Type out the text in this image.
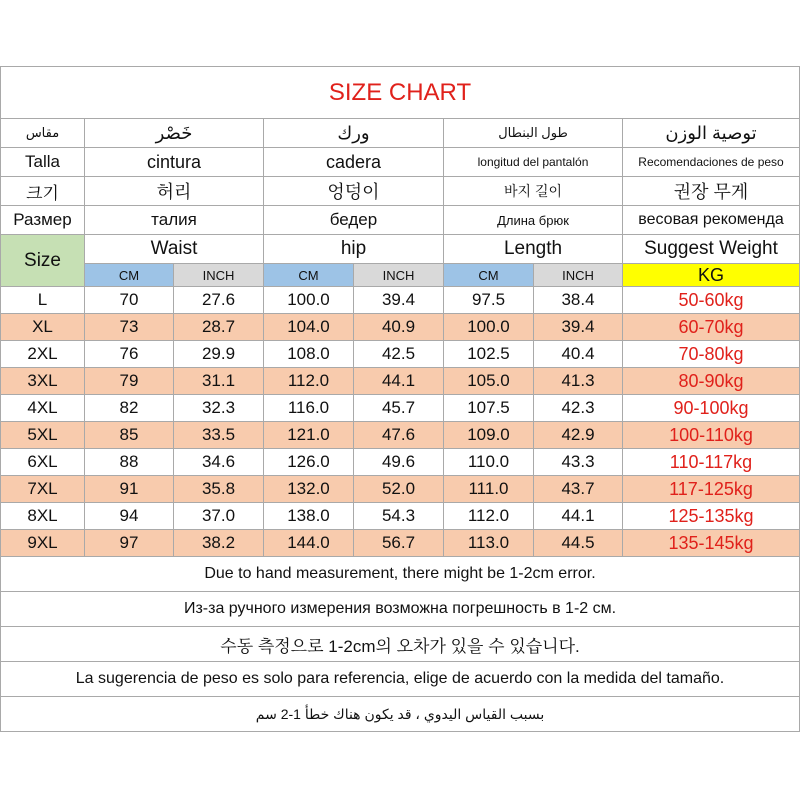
SIZE CHART							
مقاس	خَصْر		ورك		طول البنطال		توصية الوزن
Talla	cintura		cadera		longitud del pantalón		Recomendaciones de peso
크기	허리		엉덩이		바지 길이		권장 무게
Размер	талия		бедер		Длина брюк		весовая рекоменда
Size	Waist		hip		Length		Suggest Weight
	CM	INCH	CM	INCH	CM	INCH	KG
L	70	27.6	100.0	39.4	97.5	38.4	50-60kg
XL	73	28.7	104.0	40.9	100.0	39.4	60-70kg
2XL	76	29.9	108.0	42.5	102.5	40.4	70-80kg
3XL	79	31.1	112.0	44.1	105.0	41.3	80-90kg
4XL	82	32.3	116.0	45.7	107.5	42.3	90-100kg
5XL	85	33.5	121.0	47.6	109.0	42.9	100-110kg
6XL	88	34.6	126.0	49.6	110.0	43.3	110-117kg
7XL	91	35.8	132.0	52.0	111.0	43.7	117-125kg
8XL	94	37.0	138.0	54.3	112.0	44.1	125-135kg
9XL	97	38.2	144.0	56.7	113.0	44.5	135-145kg
Due to hand measurement, there might be 1-2cm error.							
Из-за ручного измерения возможна погрешность в 1-2 см.							
수동 측정으로 1-2cm의 오차가 있을 수 있습니다.							
La sugerencia de peso es solo para referencia, elige de acuerdo con la medida del tamaño.							
بسبب القياس اليدوي ، قد يكون هناك خطأ 1-2 سم							
